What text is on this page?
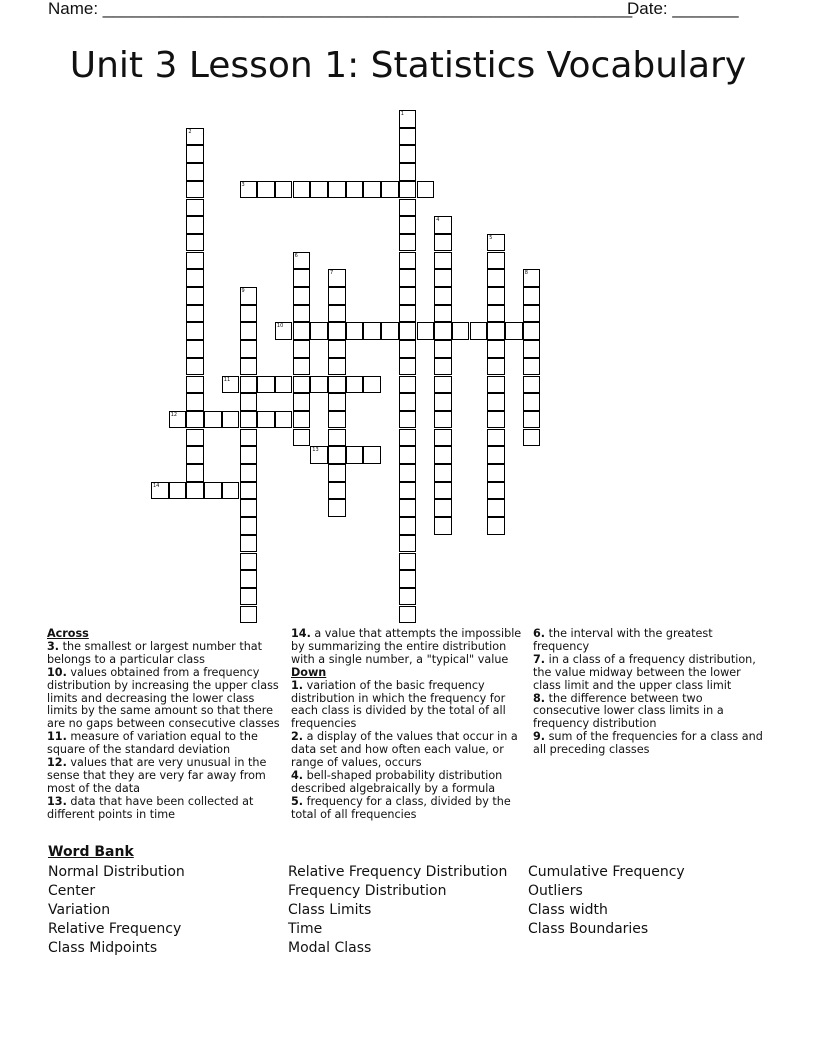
Name: ________________________________________________________
Date: _______
Unit 3 Lesson 1: Statistics Vocabulary
1
2
3
4
5
6
7	8
9
10
11
12
13
14
Across
3. the smallest or largest number that belongs to a particular class
10. values obtained from a frequency distribution by increasing the upper class limits and decreasing the lower class limits by the same amount so that there are no gaps between consecutive classes
11. measure of variation equal to the square of the standard deviation
12. values that are very unusual in the sense that they are very far away from most of the data
13. data that have been collected at different points in time
14. a value that attempts the impossible by summarizing the entire distribution with a single number, a "typical" value
Down
1. variation of the basic frequency distribution in which the frequency for each class is divided by the total of all frequencies
2. a display of the values that occur in a data set and how often each value, or range of values, occurs
4. bell-shaped probability distribution described algebraically by a formula
5. frequency for a class, divided by the total of all frequencies
6. the interval with the greatest frequency
7. in a class of a frequency distribution, the value midway between the lower class limit and the upper class limit
8. the difference between two consecutive lower class limits in a frequency distribution
9. sum of the frequencies for a class and all preceding classes
Word Bank
Normal Distribution	Relative Frequency Distribution	Cumulative Frequency
Center	Frequency Distribution	Outliers
Variation	Class Limits	Class width
Relative Frequency	Time	Class Boundaries
Class Midpoints	Modal Class
